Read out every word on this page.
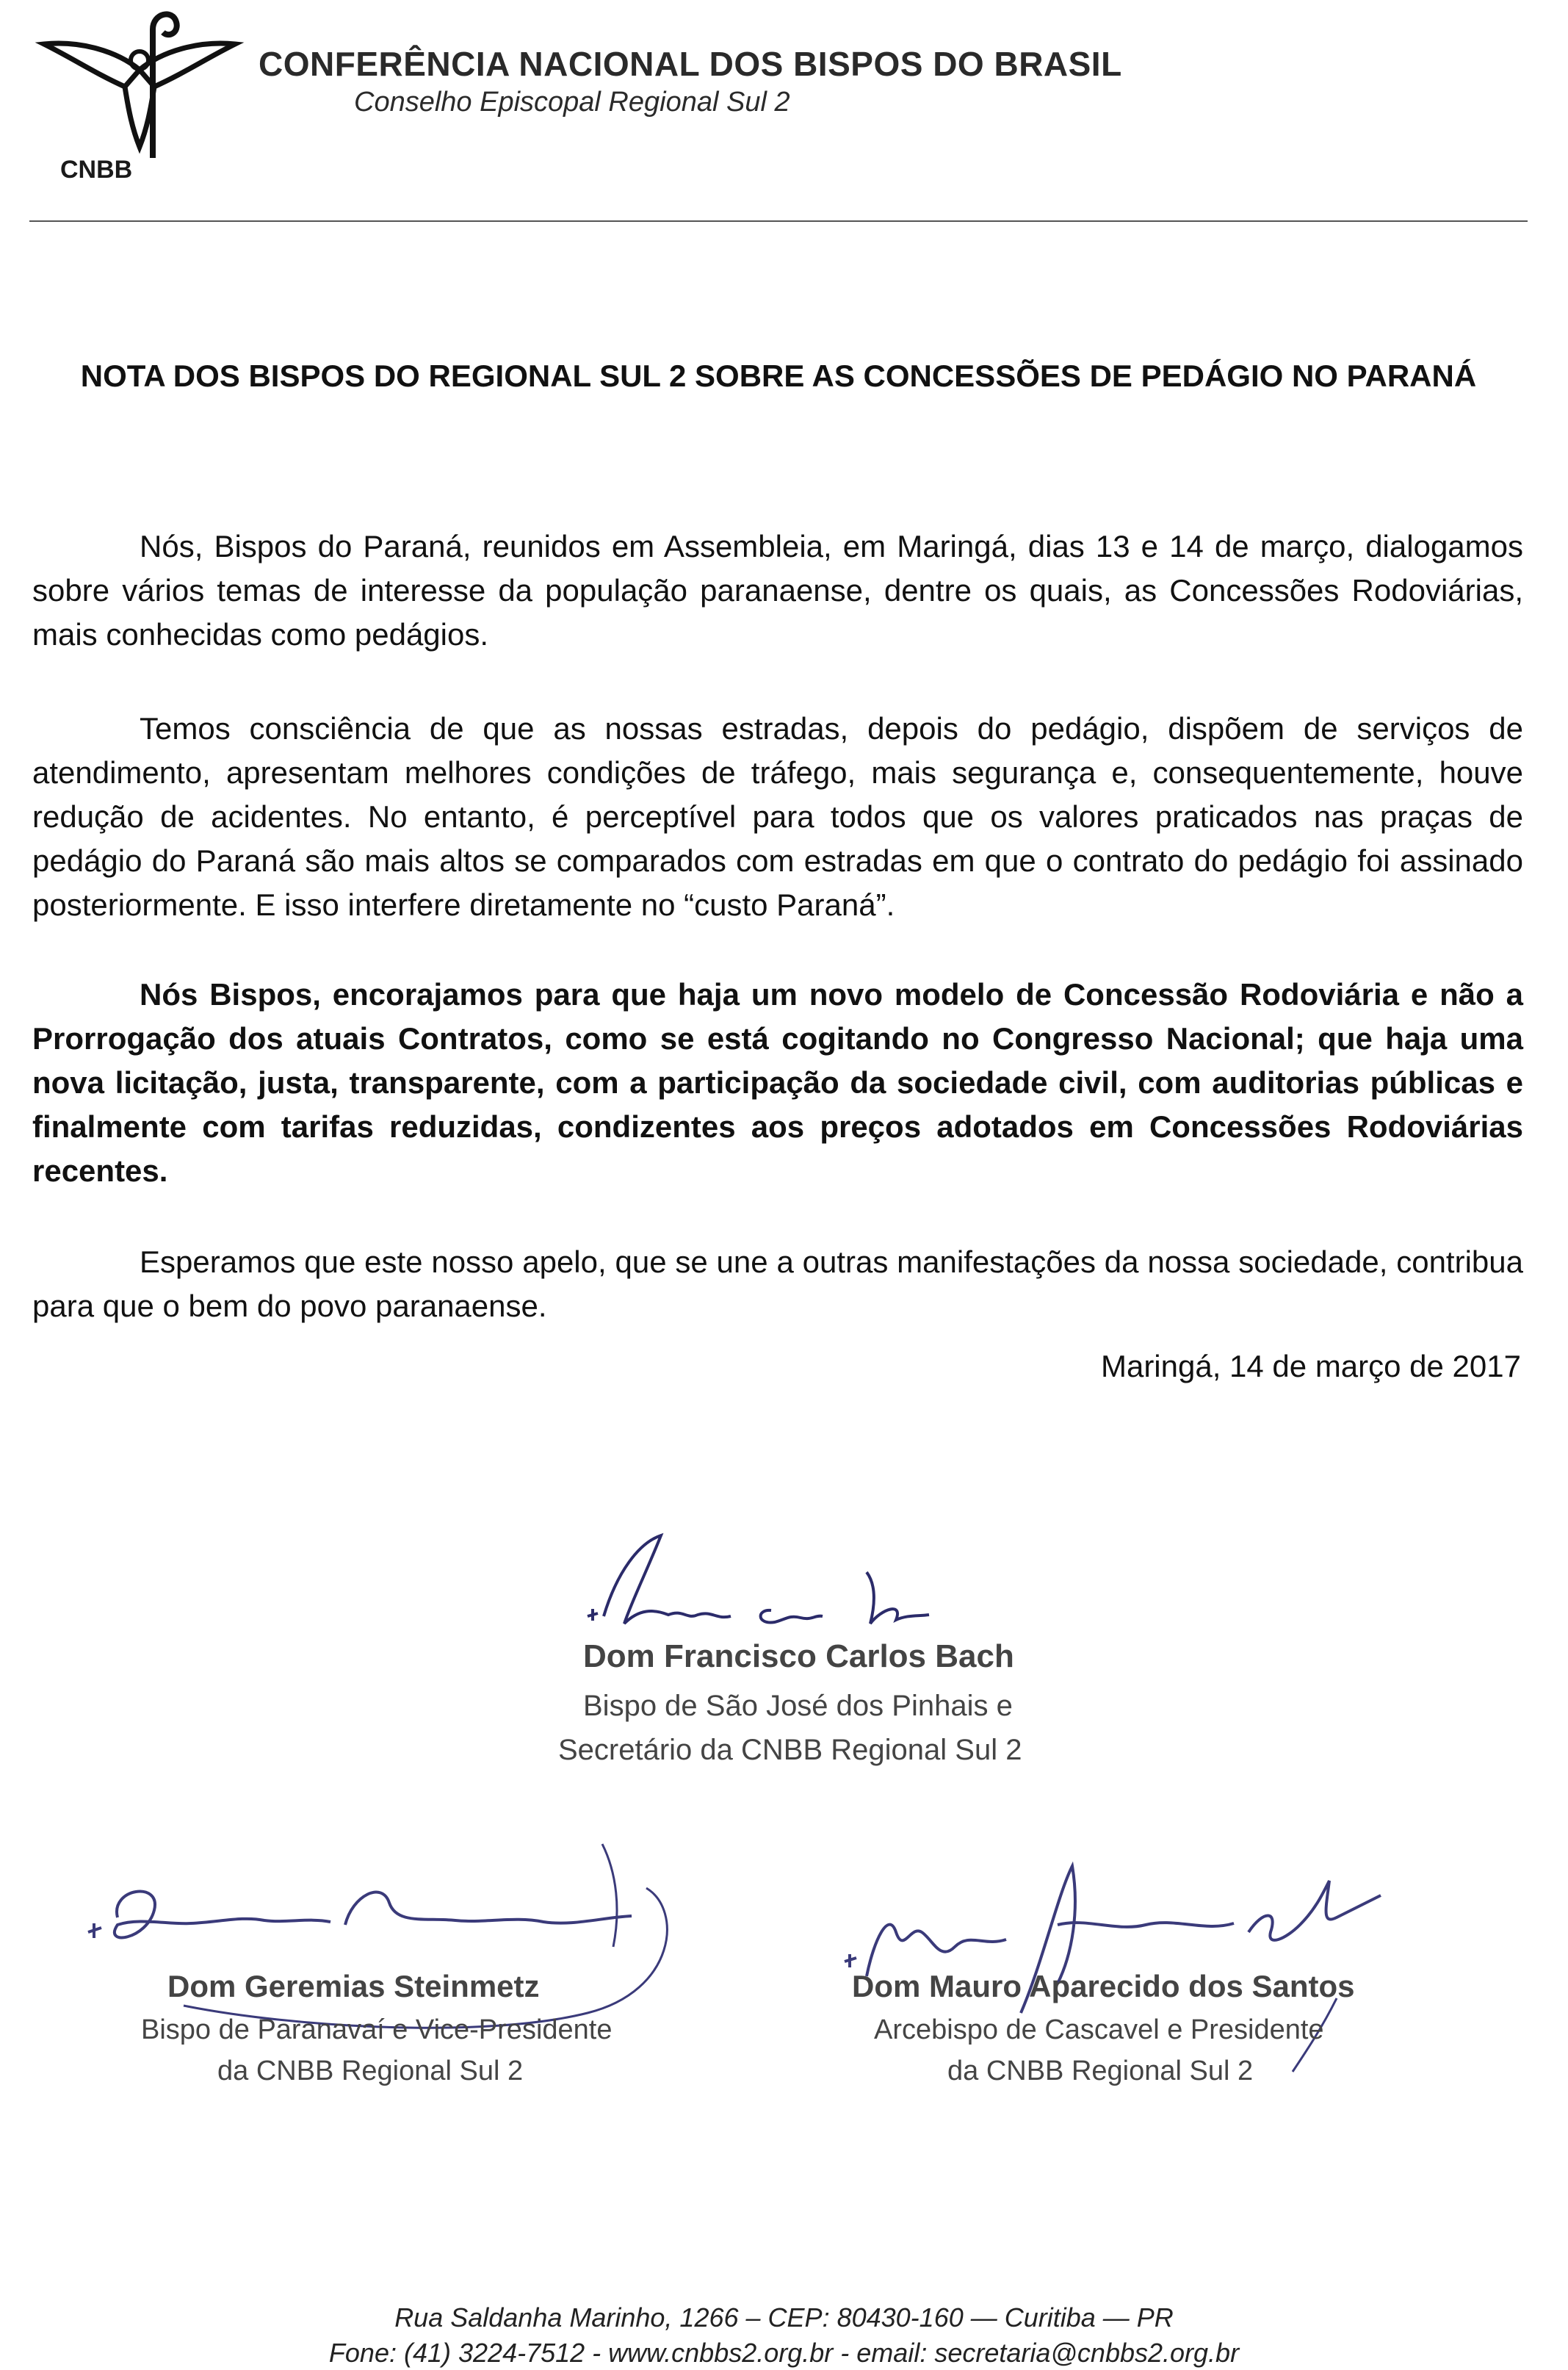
CNBB
CONFERÊNCIA NACIONAL DOS BISPOS DO BRASIL
Conselho Episcopal Regional Sul 2
NOTA DOS BISPOS DO REGIONAL SUL 2 SOBRE AS CONCESSÕES DE PEDÁGIO NO PARANÁ

Nós, Bispos do Paraná, reunidos em Assembleia, em Maringá, dias 13 e 14 de março, dialogamos sobre vários temas de interesse da população paranaense, dentre os quais, as Concessões Rodoviárias, mais conhecidas como pedágios.

Temos consciência de que as nossas estradas, depois do pedágio, dispõem de serviços de atendimento, apresentam melhores condições de tráfego, mais segurança e, consequentemente, houve redução de acidentes. No entanto, é perceptível para todos que os valores praticados nas praças de pedágio do Paraná são mais altos se comparados com estradas em que o contrato do pedágio foi assinado posteriormente. E isso interfere diretamente no “custo Paraná”.

Nós Bispos, encorajamos para que haja um novo modelo de Concessão Rodoviária e não a Prorrogação dos atuais Contratos, como se está cogitando no Congresso Nacional; que haja uma nova licitação, justa, transparente, com a participação da sociedade civil, com auditorias públicas e finalmente com tarifas reduzidas, condizentes aos preços adotados em Concessões Rodoviárias recentes.

Esperamos que este nosso apelo, que se une a outras manifestações da nossa sociedade, contribua para que o bem do povo paranaense.

Maringá, 14 de março de 2017
Dom Francisco Carlos Bach
Bispo de São José dos Pinhais e
Secretário da CNBB Regional Sul 2
Dom Geremias Steinmetz
Bispo de Paranavaí e Vice-Presidente
da CNBB Regional Sul 2
Dom Mauro Aparecido dos Santos
Arcebispo de Cascavel e Presidente
da CNBB Regional Sul 2
Rua Saldanha Marinho, 1266 – CEP: 80430-160 — Curitiba — PR
Fone: (41) 3224-7512 - www.cnbbs2.org.br - email: secretaria@cnbbs2.org.br
